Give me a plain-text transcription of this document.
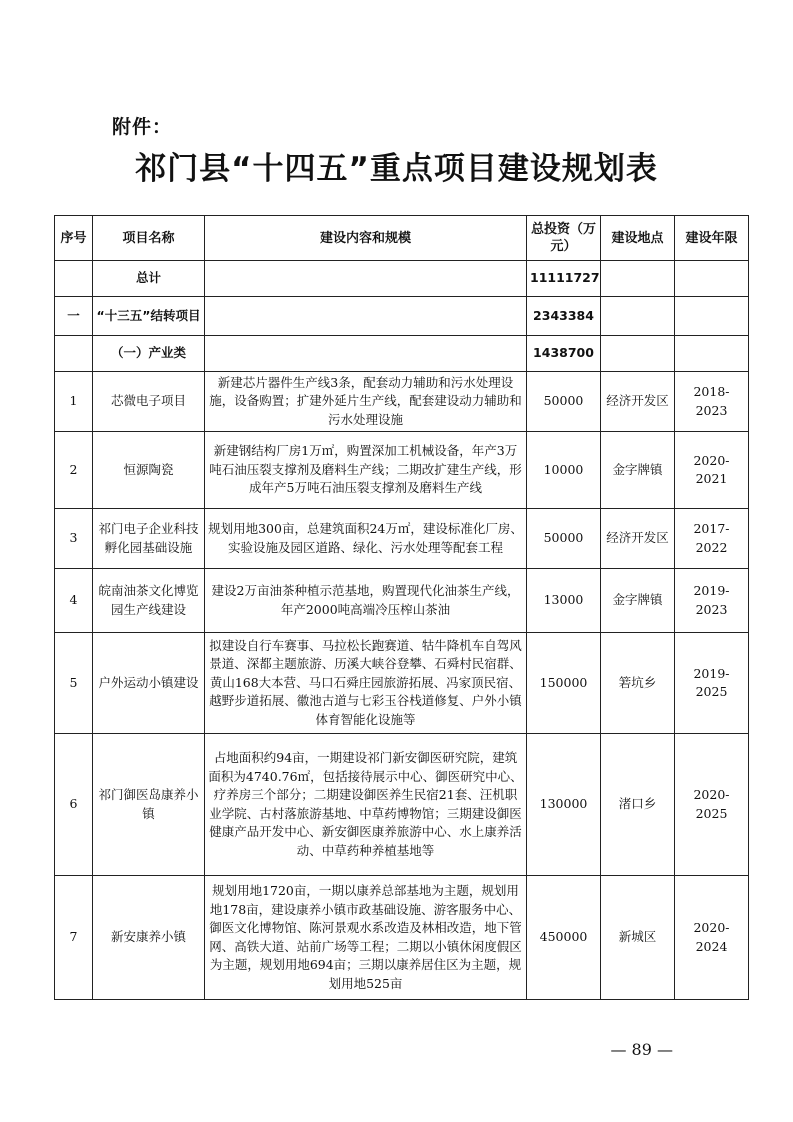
附件：
祁门县“十四五”重点项目建设规划表
序号	项目名称	建设内容和规模	总投资（万元）	建设地点	建设年限
	总计		11111727		
一	“十三五”结转项目		2343384		
	（一）产业类		1438700		
1	芯微电子项目	新建芯片器件生产线3条，配套动力辅助和污水处理设施，设备购置；扩建外延片生产线，配套建设动力辅助和污水处理设施	50000	经济开发区	2018-2023
2	恒源陶瓷	新建钢结构厂房1万㎡，购置深加工机械设备，年产3万吨石油压裂支撑剂及磨料生产线；二期改扩建生产线，形成年产5万吨石油压裂支撑剂及磨料生产线	10000	金字牌镇	2020-2021
3	祁门电子企业科技孵化园基础设施	规划用地300亩，总建筑面积24万㎡，建设标准化厂房、实验设施及园区道路、绿化、污水处理等配套工程	50000	经济开发区	2017-2022
4	皖南油茶文化博览园生产线建设	建设2万亩油茶种植示范基地，购置现代化油茶生产线，年产2000吨高端冷压榨山茶油	13000	金字牌镇	2019-2023
5	户外运动小镇建设	拟建设自行车赛事、马拉松长跑赛道、牯牛降机车自驾风景道、深都主题旅游、历溪大峡谷登攀、石舜村民宿群、黄山168大本营、马口石舜庄园旅游拓展、冯家顶民宿、越野步道拓展、徽池古道与七彩玉谷栈道修复、户外小镇体育智能化设施等	150000	箬坑乡	2019-2025
6	祁门御医岛康养小镇	占地面积约94亩，一期建设祁门新安御医研究院，建筑面积为4740.76㎡，包括接待展示中心、御医研究中心、疗养房三个部分；二期建设御医养生民宿21套、汪机职业学院、古村落旅游基地、中草药博物馆；三期建设御医健康产品开发中心、新安御医康养旅游中心、水上康养活动、中草药种养植基地等	130000	渚口乡	2020-2025
7	新安康养小镇	规划用地1720亩，一期以康养总部基地为主题，规划用地178亩，建设康养小镇市政基础设施、游客服务中心、御医文化博物馆、陈河景观水系改造及林相改造，地下管网、高铁大道、站前广场等工程；二期以小镇休闲度假区为主题，规划用地694亩；三期以康养居住区为主题，规划用地525亩	450000	新城区	2020-2024
— 89 —
